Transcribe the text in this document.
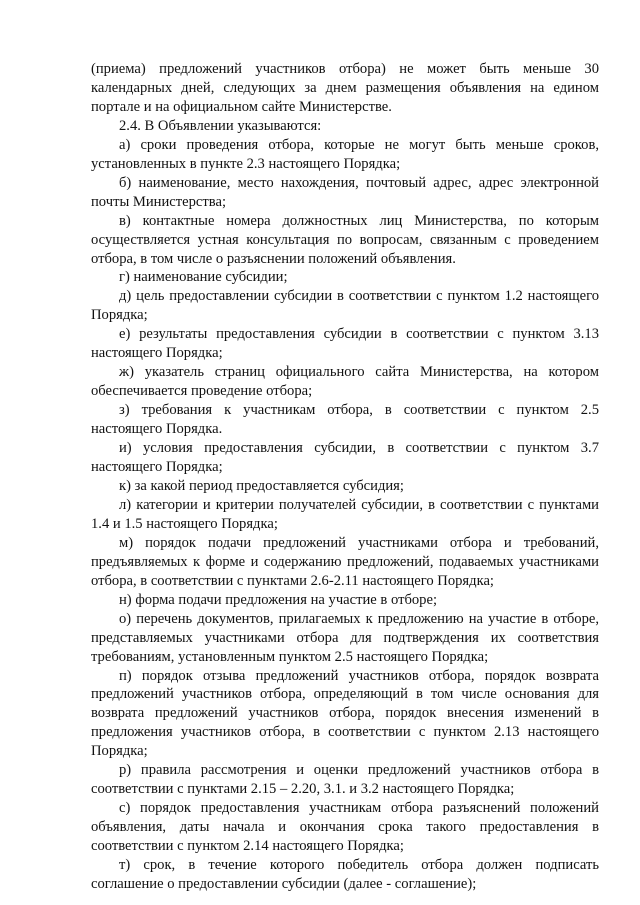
(приема) предложений участников отбора) не может быть меньше 30 календарных дней, следующих за днем размещения объявления на едином портале и на официальном сайте Министерстве.

2.4. В Объявлении указываются:

а) сроки проведения отбора, которые не могут быть меньше сроков, установленных в пункте 2.3 настоящего Порядка;

б) наименование, место нахождения, почтовый адрес, адрес электронной почты Министерства;

в) контактные номера должностных лиц Министерства, по которым осуществляется устная консультация по вопросам, связанным с проведением отбора, в том числе о разъяснении положений объявления.

г) наименование субсидии;

д) цель предоставлении субсидии в соответствии с пунктом 1.2 настоящего Порядка;

е) результаты предоставления субсидии в соответствии с пунктом 3.13 настоящего Порядка;

ж) указатель страниц официального сайта Министерства, на котором обеспечивается проведение отбора;

з) требования к участникам отбора, в соответствии с пунктом 2.5 настоящего Порядка.

и) условия предоставления субсидии, в соответствии с пунктом 3.7 настоящего Порядка;

к) за какой период предоставляется субсидия;

л) категории и критерии получателей субсидии, в соответствии с пунктами 1.4 и 1.5 настоящего Порядка;

м) порядок подачи предложений участниками отбора и требований, предъявляемых к форме и содержанию предложений, подаваемых участниками отбора, в соответствии с пунктами 2.6-2.11 настоящего Порядка;

н) форма подачи предложения на участие в отборе;

о) перечень документов, прилагаемых к предложению на участие в отборе, представляемых участниками отбора для подтверждения их соответствия требованиям, установленным пунктом 2.5 настоящего Порядка;

п) порядок отзыва предложений участников отбора, порядок возврата предложений участников отбора, определяющий в том числе основания для возврата предложений участников отбора, порядок внесения изменений в предложения участников отбора, в соответствии с пунктом 2.13 настоящего Порядка;

р) правила рассмотрения и оценки предложений участников отбора в соответствии с пунктами 2.15 – 2.20, 3.1. и 3.2 настоящего Порядка;

с) порядок предоставления участникам отбора разъяснений положений объявления, даты начала и окончания срока такого предоставления в соответствии с пунктом 2.14 настоящего Порядка;

т) срок, в течение которого победитель отбора должен подписать соглашение о предоставлении субсидии (далее - соглашение);
